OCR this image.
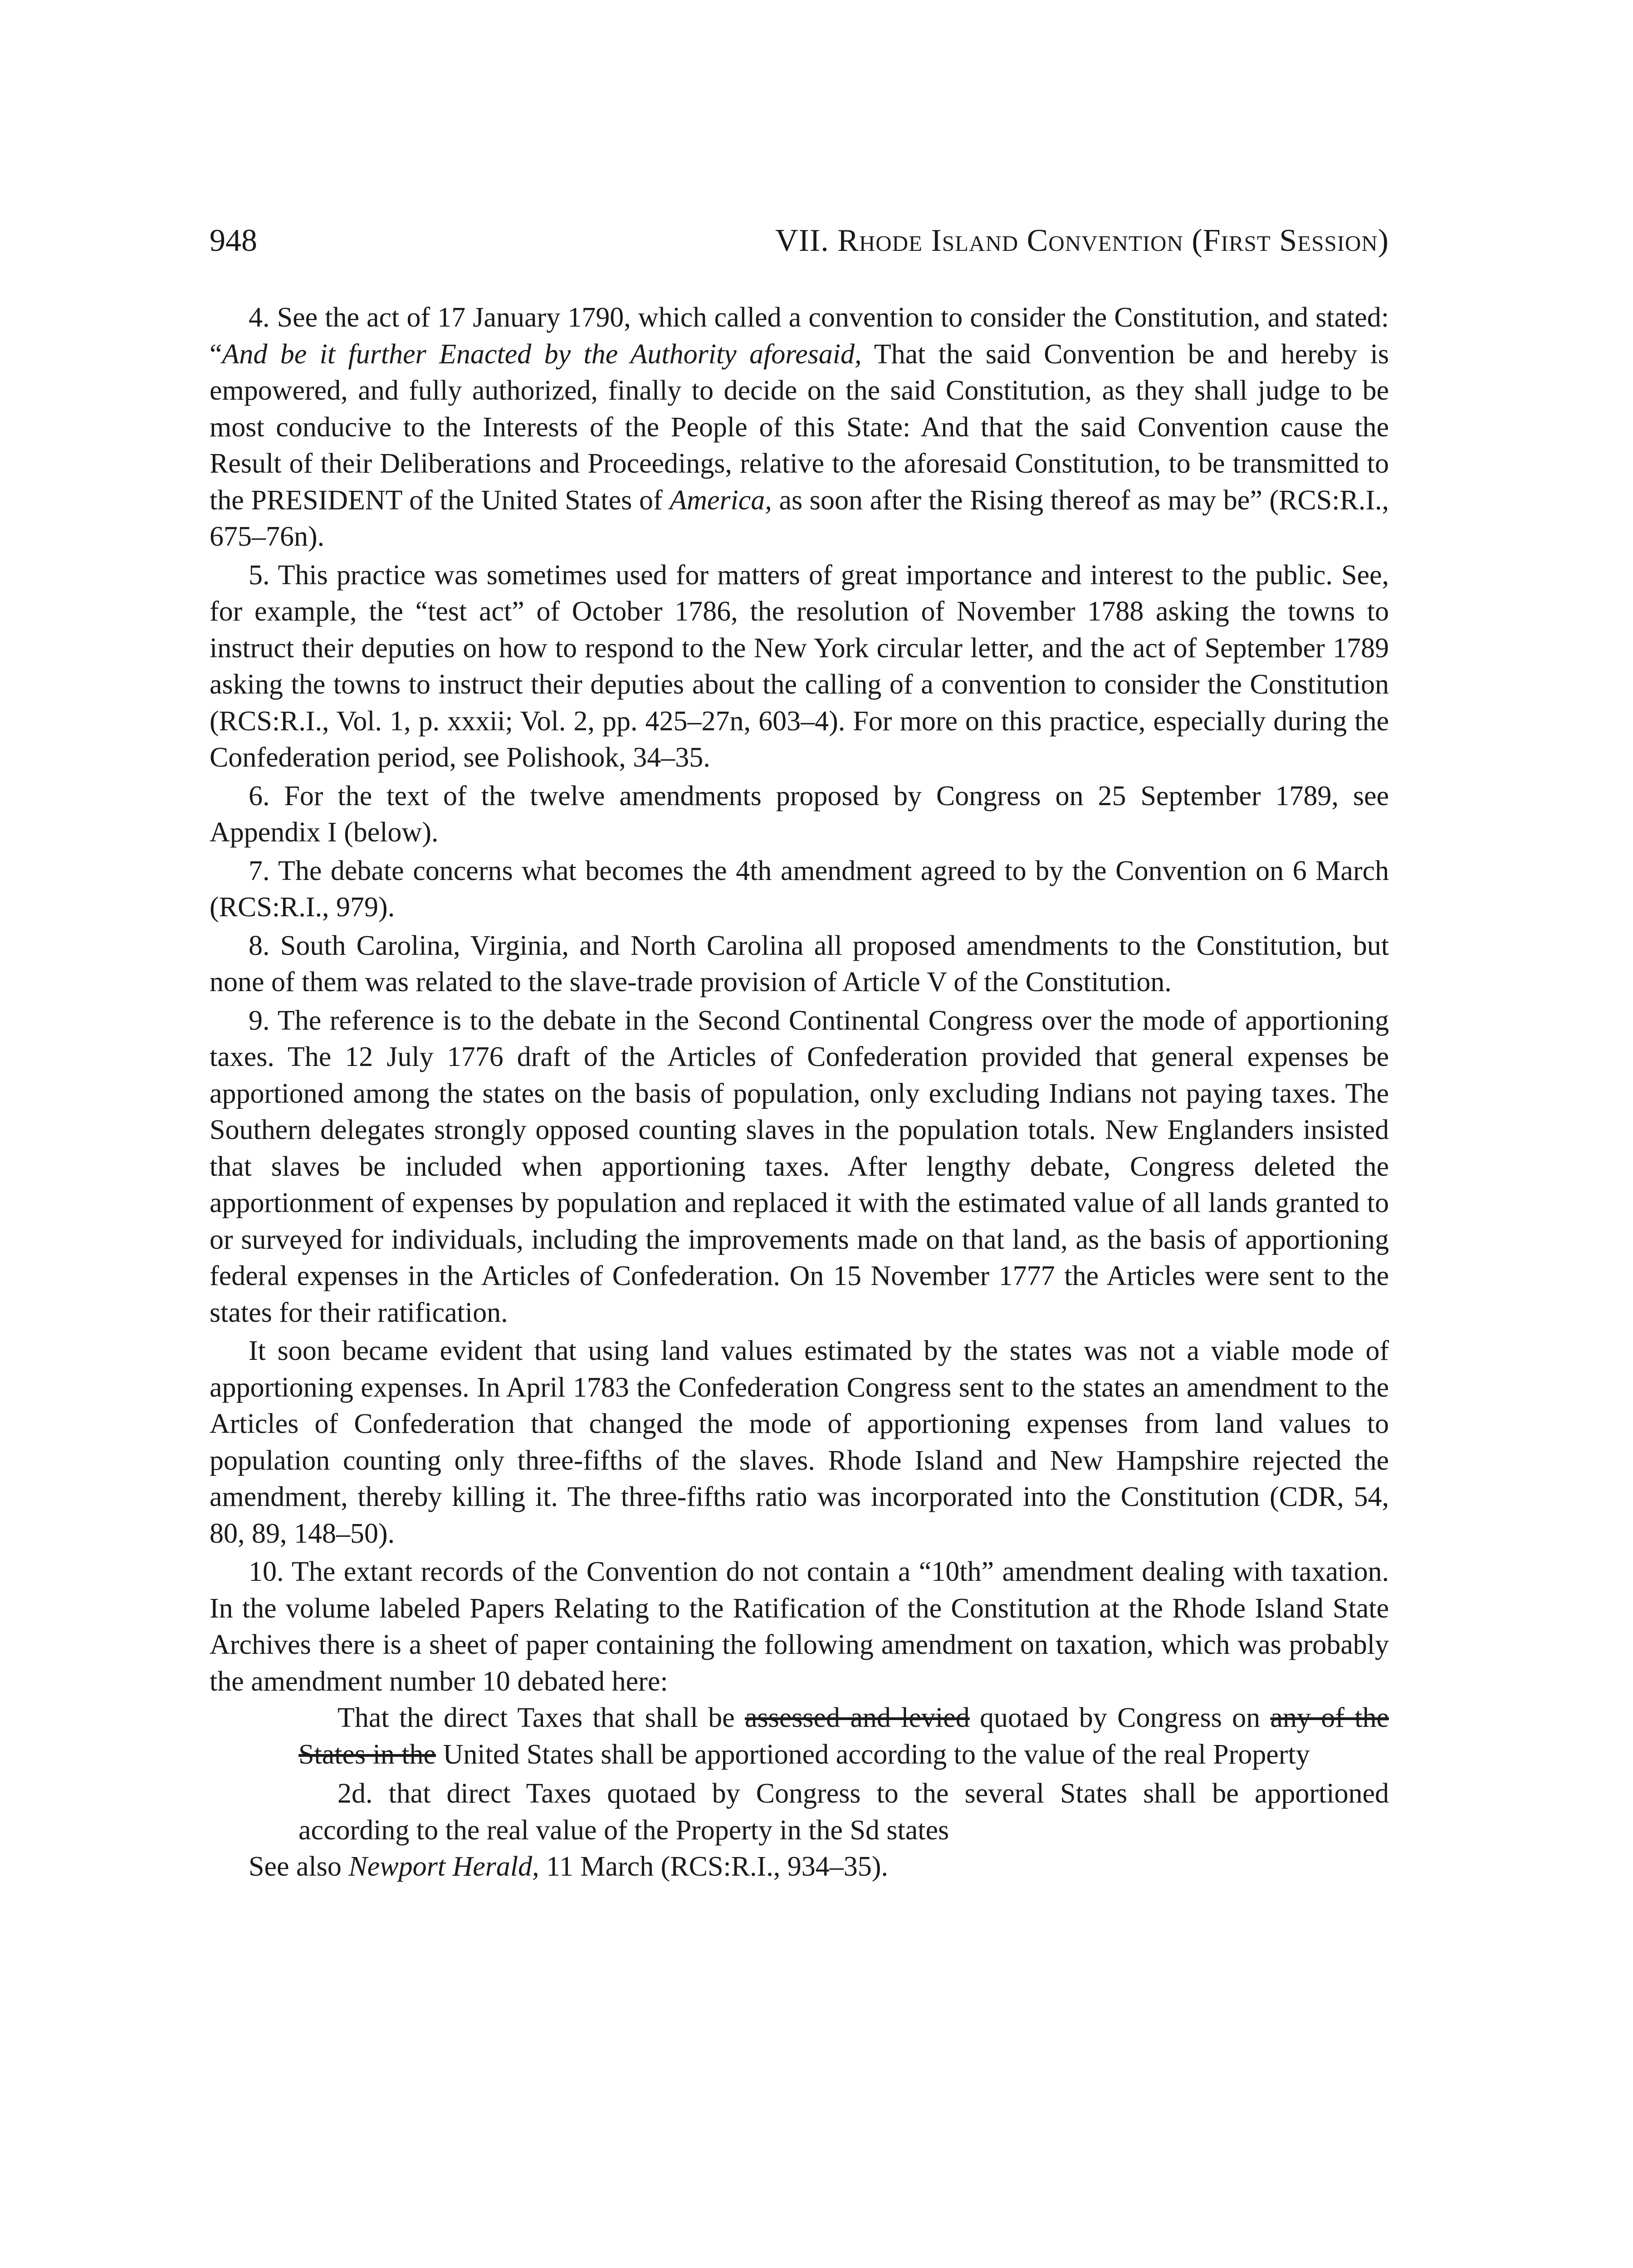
948	VII. Rhode Island Convention (First Session)

4. See the act of 17 January 1790, which called a convention to consider the Constitution, and stated: “And be it further Enacted by the Authority aforesaid, That the said Convention be and hereby is empowered, and fully authorized, finally to decide on the said Constitution, as they shall judge to be most conducive to the Interests of the People of this State: And that the said Convention cause the Result of their Deliberations and Proceedings, relative to the aforesaid Constitution, to be transmitted to the PRESIDENT of the United States of America, as soon after the Rising thereof as may be” (RCS:R.I., 675–76n).

5. This practice was sometimes used for matters of great importance and interest to the public. See, for example, the “test act” of October 1786, the resolution of November 1788 asking the towns to instruct their deputies on how to respond to the New York circular letter, and the act of September 1789 asking the towns to instruct their deputies about the calling of a convention to consider the Constitution (RCS:R.I., Vol. 1, p. xxxii; Vol. 2, pp. 425–27n, 603–4). For more on this practice, especially during the Confederation period, see Polishook, 34–35.

6. For the text of the twelve amendments proposed by Congress on 25 September 1789, see Appendix I (below).

7. The debate concerns what becomes the 4th amendment agreed to by the Convention on 6 March (RCS:R.I., 979).

8. South Carolina, Virginia, and North Carolina all proposed amendments to the Constitution, but none of them was related to the slave-trade provision of Article V of the Constitution.

9. The reference is to the debate in the Second Continental Congress over the mode of apportioning taxes. The 12 July 1776 draft of the Articles of Confederation provided that general expenses be apportioned among the states on the basis of population, only excluding Indians not paying taxes. The Southern delegates strongly opposed counting slaves in the population totals. New Englanders insisted that slaves be included when apportioning taxes. After lengthy debate, Congress deleted the apportionment of expenses by population and replaced it with the estimated value of all lands granted to or surveyed for individuals, including the improvements made on that land, as the basis of apportioning federal expenses in the Articles of Confederation. On 15 November 1777 the Articles were sent to the states for their ratification.

It soon became evident that using land values estimated by the states was not a viable mode of apportioning expenses. In April 1783 the Confederation Congress sent to the states an amendment to the Articles of Confederation that changed the mode of apportioning expenses from land values to population counting only three-fifths of the slaves. Rhode Island and New Hampshire rejected the amendment, thereby killing it. The three-fifths ratio was incorporated into the Constitution (CDR, 54, 80, 89, 148–50).

10. The extant records of the Convention do not contain a “10th” amendment dealing with taxation. In the volume labeled Papers Relating to the Ratification of the Constitution at the Rhode Island State Archives there is a sheet of paper containing the following amendment on taxation, which was probably the amendment number 10 debated here:

That the direct Taxes that shall be assessed and levied quotaed by Congress on any of the States in the United States shall be apportioned according to the value of the real Property

2d. that direct Taxes quotaed by Congress to the several States shall be apportioned according to the real value of the Property in the Sd states

See also Newport Herald, 11 March (RCS:R.I., 934–35).
